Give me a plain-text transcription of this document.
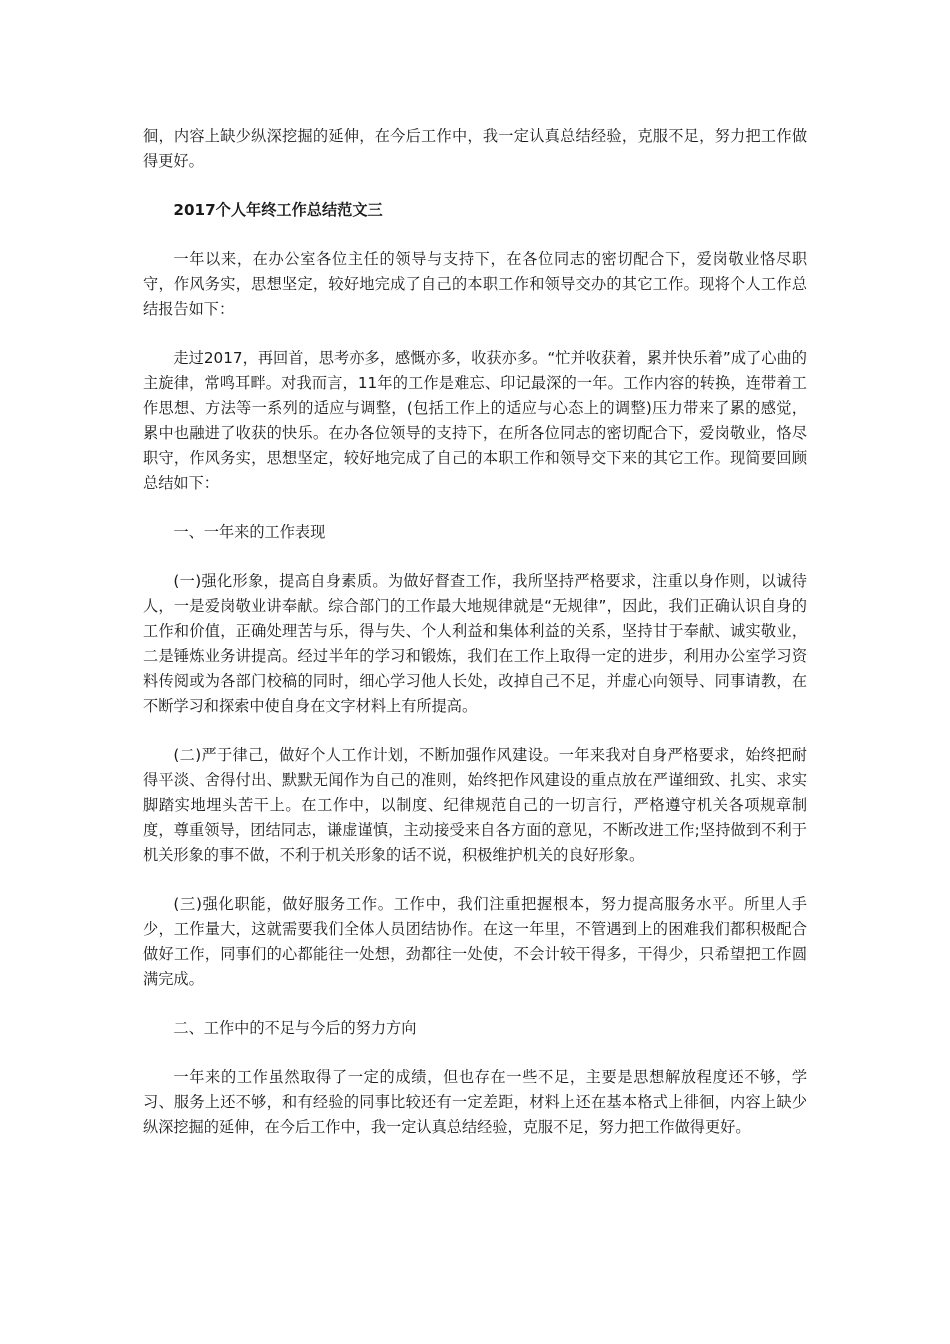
徊，内容上缺少纵深挖掘的延伸，在今后工作中，我一定认真总结经验，克服不足，努力把工作做得更好。

2017个人年终工作总结范文三

一年以来，在办公室各位主任的领导与支持下，在各位同志的密切配合下，爱岗敬业恪尽职守，作风务实，思想坚定，较好地完成了自己的本职工作和领导交办的其它工作。现将个人工作总结报告如下：

走过2017，再回首，思考亦多，感慨亦多，收获亦多。“忙并收获着，累并快乐着”成了心曲的主旋律，常鸣耳畔。对我而言，11年的工作是难忘、印记最深的一年。工作内容的转换，连带着工作思想、方法等一系列的适应与调整，(包括工作上的适应与心态上的调整)压力带来了累的感觉，累中也融进了收获的快乐。在办各位领导的支持下，在所各位同志的密切配合下，爱岗敬业，恪尽职守，作风务实，思想坚定，较好地完成了自己的本职工作和领导交下来的其它工作。现简要回顾总结如下：

一、一年来的工作表现

(一)强化形象，提高自身素质。为做好督查工作，我所坚持严格要求，注重以身作则，以诚待人，一是爱岗敬业讲奉献。综合部门的工作最大地规律就是“无规律”，因此，我们正确认识自身的工作和价值，正确处理苦与乐，得与失、个人利益和集体利益的关系，坚持甘于奉献、诚实敬业，二是锤炼业务讲提高。经过半年的学习和锻炼，我们在工作上取得一定的进步，利用办公室学习资料传阅或为各部门校稿的同时，细心学习他人长处，改掉自己不足，并虚心向领导、同事请教，在不断学习和探索中使自身在文字材料上有所提高。

(二)严于律己，做好个人工作计划，不断加强作风建设。一年来我对自身严格要求，始终把耐得平淡、舍得付出、默默无闻作为自己的准则，始终把作风建设的重点放在严谨细致、扎实、求实脚踏实地埋头苦干上。在工作中，以制度、纪律规范自己的一切言行，严格遵守机关各项规章制度，尊重领导，团结同志，谦虚谨慎，主动接受来自各方面的意见，不断改进工作;坚持做到不利于机关形象的事不做，不利于机关形象的话不说，积极维护机关的良好形象。

(三)强化职能，做好服务工作。工作中，我们注重把握根本，努力提高服务水平。所里人手少，工作量大，这就需要我们全体人员团结协作。在这一年里，不管遇到上的困难我们都积极配合做好工作，同事们的心都能往一处想，劲都往一处使，不会计较干得多，干得少，只希望把工作圆满完成。

二、工作中的不足与今后的努力方向

一年来的工作虽然取得了一定的成绩，但也存在一些不足，主要是思想解放程度还不够，学习、服务上还不够，和有经验的同事比较还有一定差距，材料上还在基本格式上徘徊，内容上缺少纵深挖掘的延伸，在今后工作中，我一定认真总结经验，克服不足，努力把工作做得更好。
